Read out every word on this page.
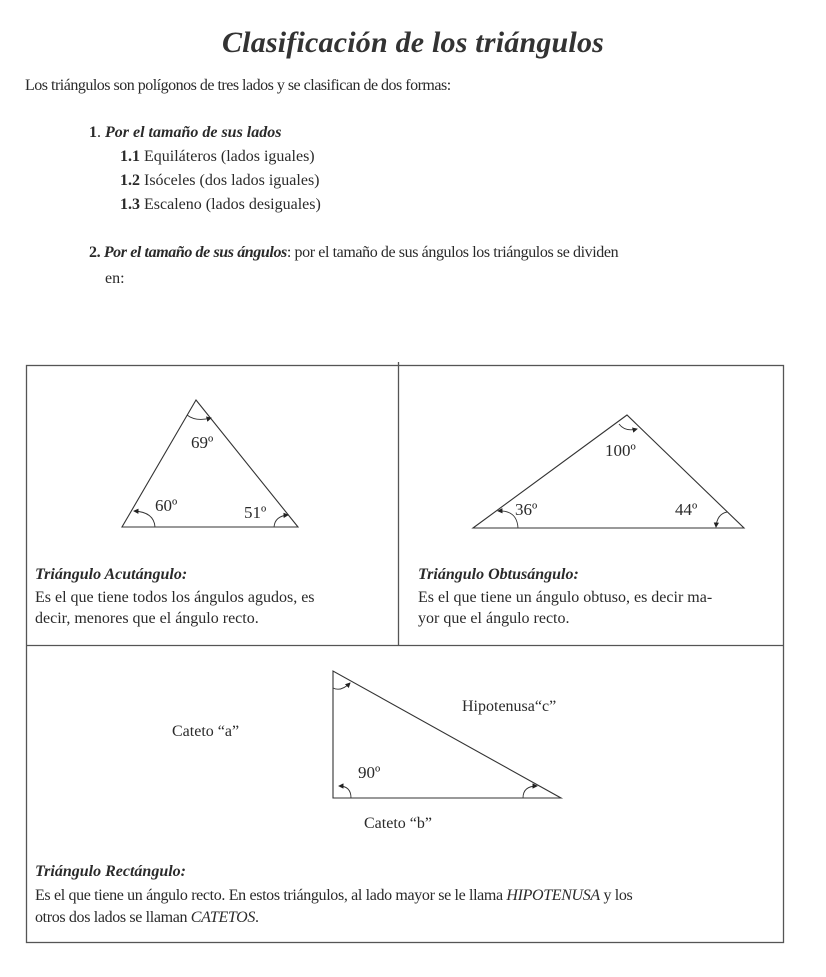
Clasificación de los triángulos
Los triángulos son polígonos de tres lados y se clasifican de dos formas:
1. Por el tamaño de sus lados
1.1 Equiláteros (lados iguales)
1.2 Isóceles (dos lados iguales)
1.3 Escaleno (lados desiguales)
2. Por el tamaño de sus ángulos: por el tamaño de sus ángulos los triángulos se dividen
en:
69º
60º	51º
Triángulo Acutángulo:
Es el que tiene todos los ángulos agudos, es
decir, menores que el ángulo recto.
100º
36º	44º
Triángulo Obtusángulo:
Es el que tiene un ángulo obtuso, es decir ma-
yor que el ángulo recto.
90º
Cateto “a”
Cateto “b”
Hipotenusa“c”
Triángulo Rectángulo:
Es el que tiene un ángulo recto. En estos triángulos, al lado mayor se le llama HIPOTENUSA y los
otros dos lados se llaman CATETOS.
